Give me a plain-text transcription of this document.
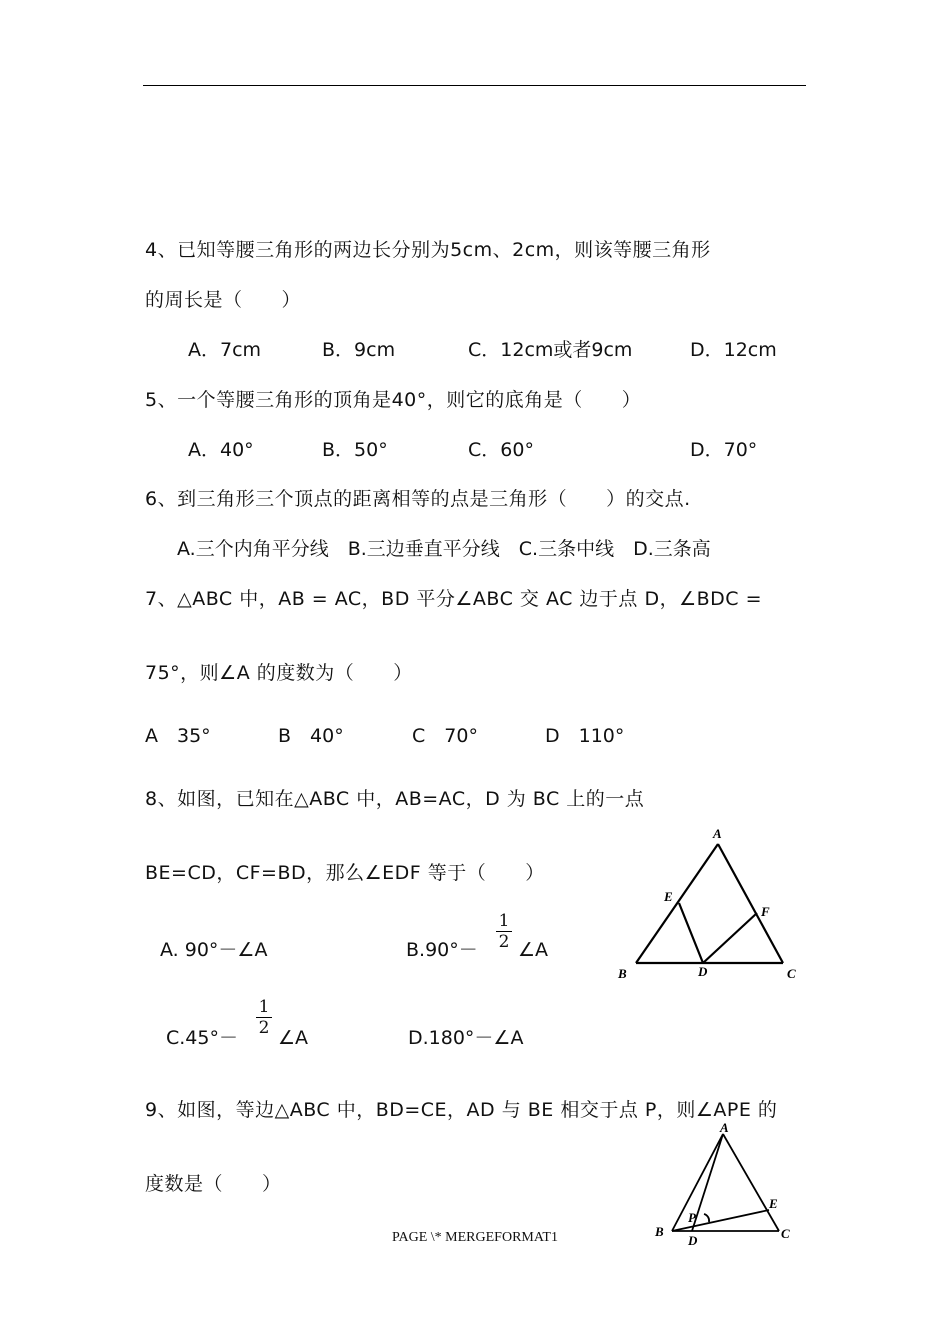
4、已知等腰三角形的两边长分别为5cm、2cm，则该等腰三角形
的周长是（　　）
A．7cm	B．9cm	C．12cm或者9cm	D．12cm
5、一个等腰三角形的顶角是40°，则它的底角是（　　）
A．40°	B．50°	C．60°	D．70°
6、到三角形三个顶点的距离相等的点是三角形（　　）的交点.
A.三个内角平分线　B.三边垂直平分线　C.三条中线　D.三条高
7、△ABC 中，AB = AC，BD 平分∠ABC 交 AC 边于点 D，∠BDC =
75°，则∠A 的度数为（　　）
A　35°	B　40°	C　70°	D　110°
8、如图，已知在△ABC 中，AB=AC，D 为 BC 上的一点
BE=CD，CF=BD，那么∠EDF 等于（　　）
A. 90°－∠A	B.90°－
1
2 ∠A
C.45°－
1
2 ∠A	D.180°－∠A
A
B	C
D
E
F
9、如图，等边△ABC 中，BD=CE，AD 与 BE 相交于点 P，则∠APE 的
度数是（　　）
A
B	C
D
E
P
PAGE \* MERGEFORMAT1
